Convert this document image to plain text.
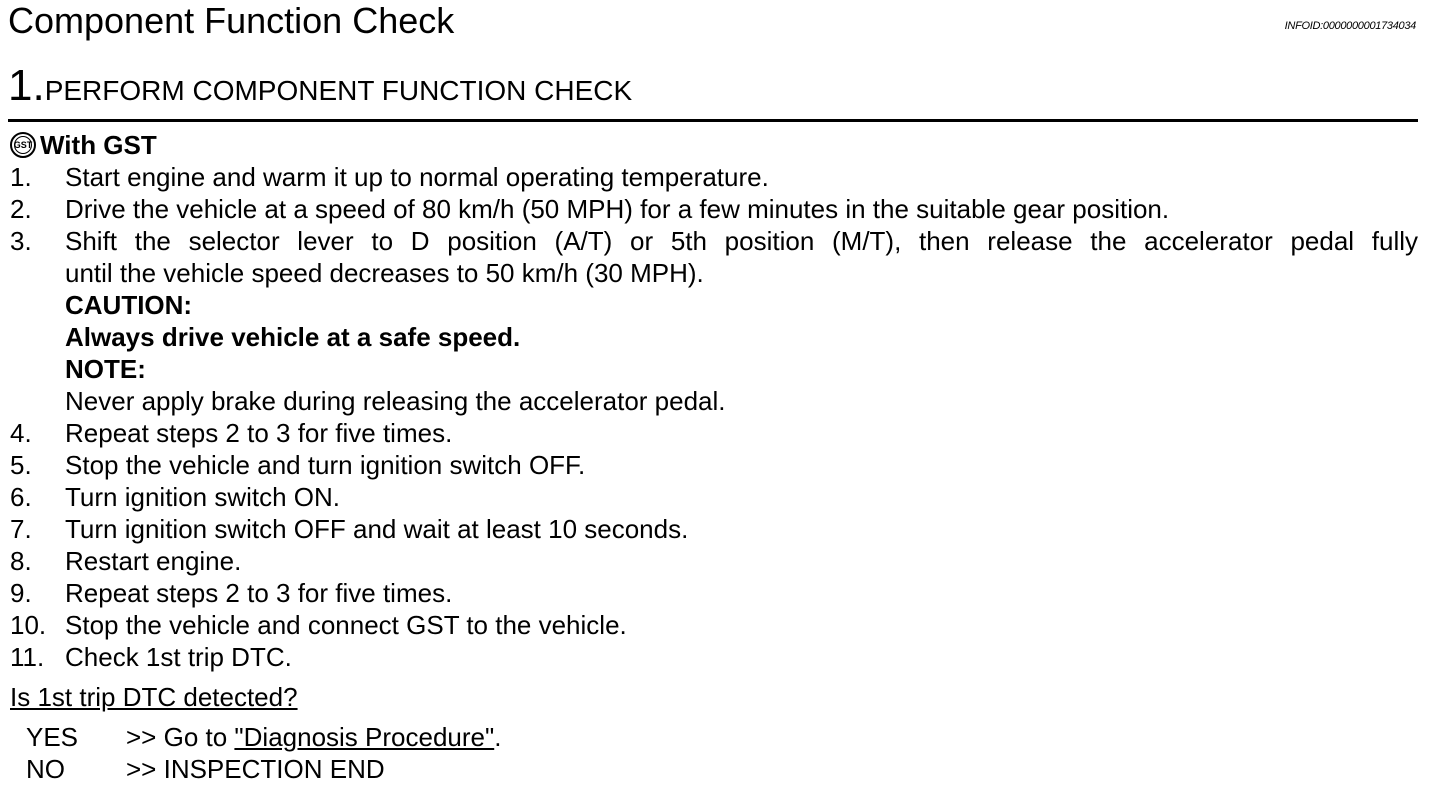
Component Function Check	INFOID:0000000001734034
1.PERFORM COMPONENT FUNCTION CHECK
GST With GST
1.	Start engine and warm it up to normal operating temperature.
2.	Drive the vehicle at a speed of 80 km/h (50 MPH) for a few minutes in the suitable gear position.
3.	Shift the selector lever to D position (A/T) or 5th position (M/T), then release the accelerator pedal fully
until the vehicle speed decreases to 50 km/h (30 MPH).
CAUTION:
Always drive vehicle at a safe speed.
NOTE:
Never apply brake during releasing the accelerator pedal.
4.	Repeat steps 2 to 3 for five times.
5.	Stop the vehicle and turn ignition switch OFF.
6.	Turn ignition switch ON.
7.	Turn ignition switch OFF and wait at least 10 seconds.
8.	Restart engine.
9.	Repeat steps 2 to 3 for five times.
10. Stop the vehicle and connect GST to the vehicle.
11. Check 1st trip DTC.
Is 1st trip DTC detected?
YES	>> Go to "Diagnosis Procedure".
NO	>> INSPECTION END
